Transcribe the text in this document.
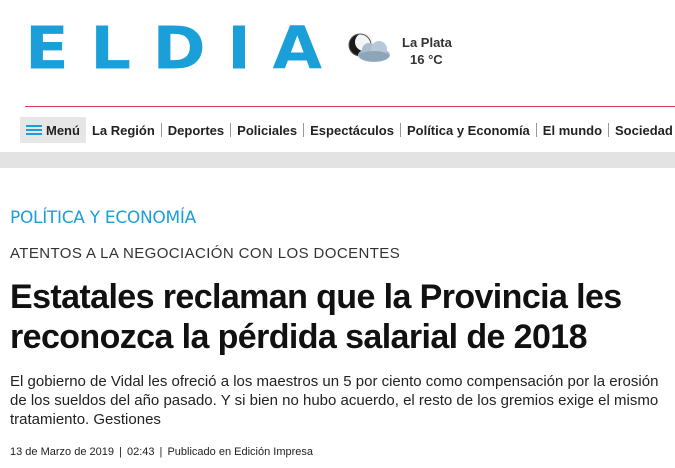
E L D I A	La Plata
16 °C
Menú La Región	Deportes	Policiales	Espectáculos	Política y Economía	El mundo	Sociedad
POLÍTICA Y ECONOMÍA
ATENTOS A LA NEGOCIACIÓN CON LOS DOCENTES
Estatales reclaman que la Provincia les reconozca la pérdida salarial de 2018

El gobierno de Vidal les ofreció a los maestros un 5 por ciento como compensación por la erosión de los sueldos del año pasado. Y si bien no hubo acuerdo, el resto de los gremios exige el mismo tratamiento. Gestiones

13 de Marzo de 2019 | 02:43 | Publicado en Edición Impresa
